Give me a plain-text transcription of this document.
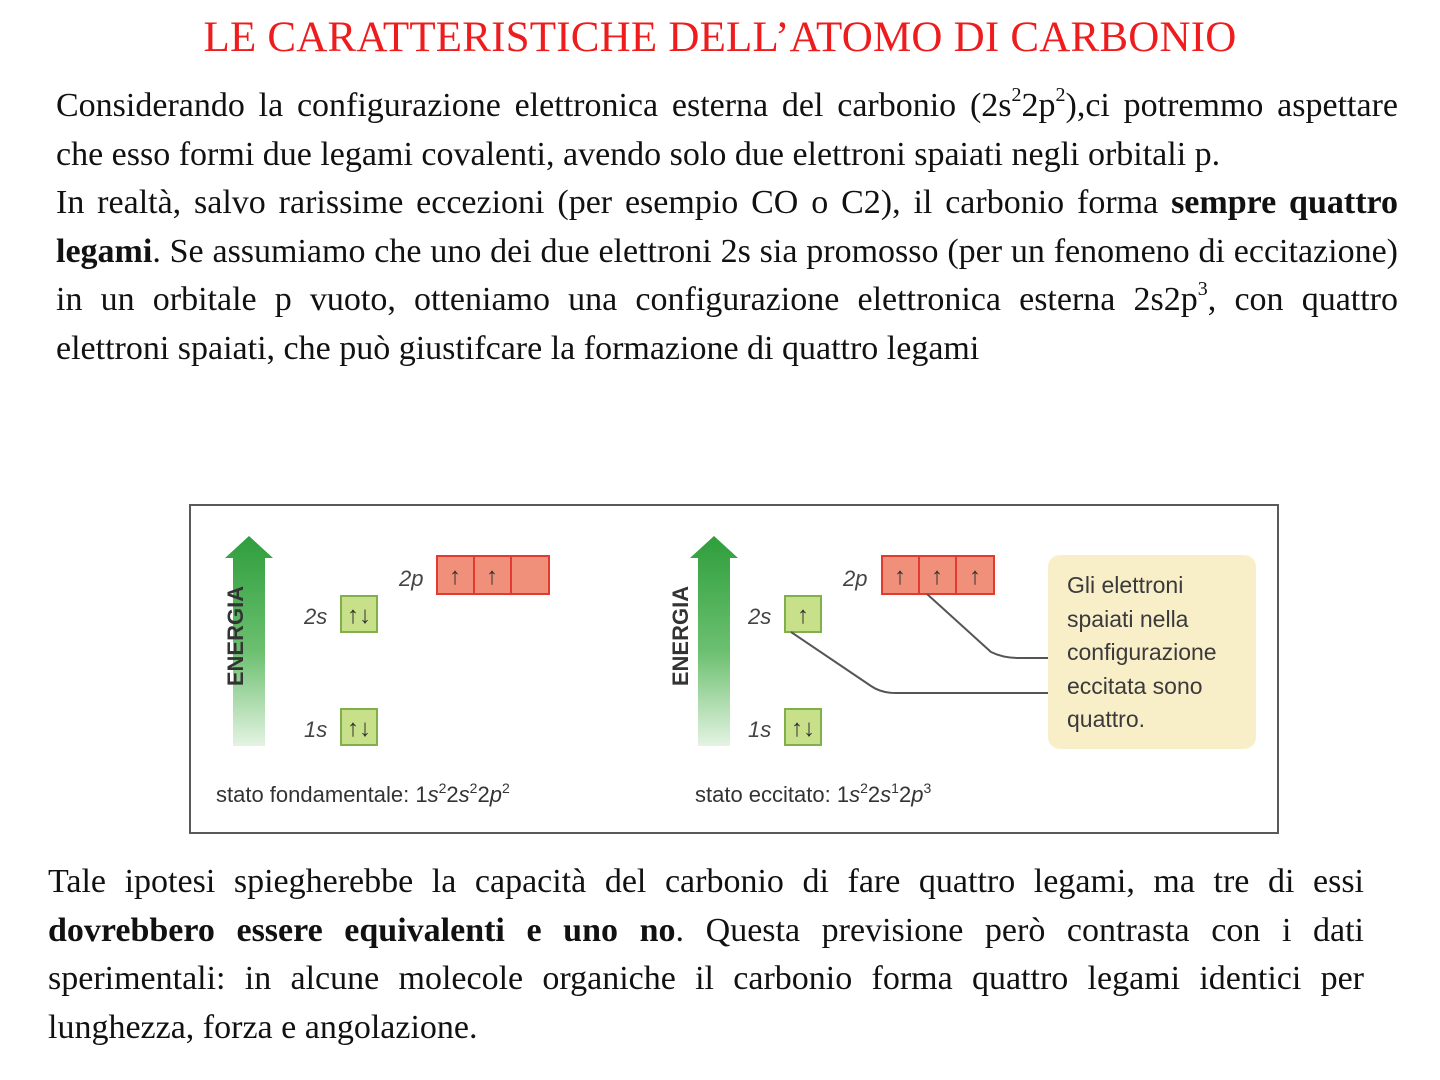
LE CARATTERISTICHE DELL’ATOMO DI CARBONIO
Considerando la configurazione elettronica esterna del carbonio $(2s^22p^2),ci$ potremmo aspettare che esso formi due legami covalenti, avendo solo due elettroni spaiati negli orbitali p.
In realtà, salvo rarissime eccezioni (per esempio CO o C2), il carbonio forma sempre quattro legami. Se assumiamo che uno dei due elettroni 2s sia promosso (per un fenomeno di eccitazione) in un orbitale p vuoto, otteniamo una configurazione elettronica esterna $2s2p^3$, con quattro elettroni spaiati, che può giustifcare la formazione di quattro legami
ENERGIA
2p ↑ ↑
2s ↑↓
1s ↑↓
stato fondamentale: $1s^22s^22p^2$
ENERGIA
2p ↑ ↑ ↑
2s ↑
1s ↑↓
stato eccitato: $1s^22s^12p^3$
Gli elettroni spaiati nella configurazione eccitata sono quattro.
Tale ipotesi spiegherebbe la capacità del carbonio di fare quattro legami, ma tre di essi dovrebbero essere equivalenti e uno no. Questa previsione però contrasta con i dati sperimentali: in alcune molecole organiche il carbonio forma quattro legami identici per lunghezza, forza e angolazione.
